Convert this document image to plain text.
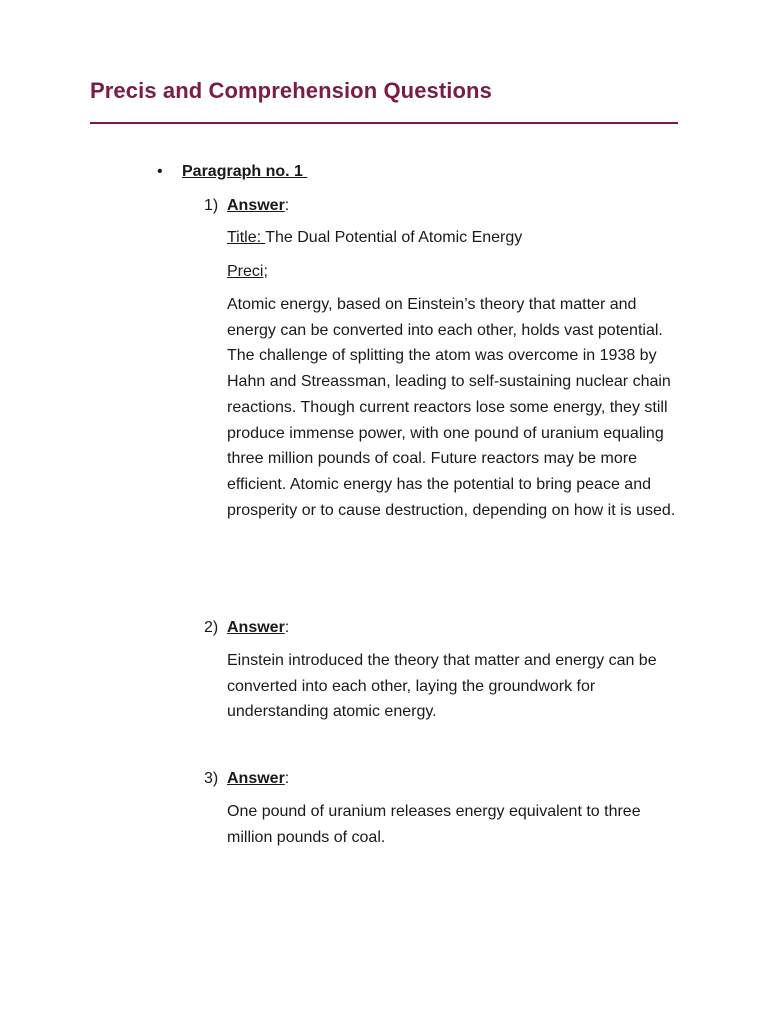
Precis and Comprehension Questions
• Paragraph no. 1
1) Answer:
Title: The Dual Potential of Atomic Energy
Preci;
Atomic energy, based on Einstein’s theory that matter and energy can be converted into each other, holds vast potential. The challenge of splitting the atom was overcome in 1938 by Hahn and Streassman, leading to self-sustaining nuclear chain reactions. Though current reactors lose some energy, they still produce immense power, with one pound of uranium equaling three million pounds of coal. Future reactors may be more efficient. Atomic energy has the potential to bring peace and prosperity or to cause destruction, depending on how it is used.
2) Answer:
Einstein introduced the theory that matter and energy can be converted into each other, laying the groundwork for understanding atomic energy.
3) Answer:
One pound of uranium releases energy equivalent to three million pounds of coal.
